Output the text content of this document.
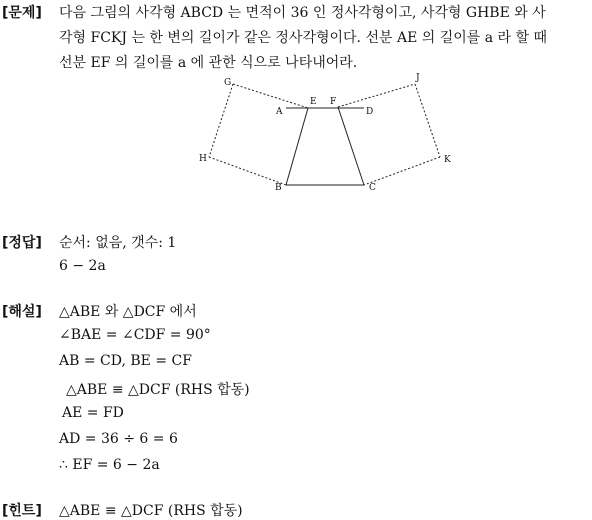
[문제] 다음 그림의 사각형 ABCD 는 면적이 36 인 정사각형이고, 사각형 GHBE 와 사
각형 FCKJ 는 한 변의 길이가 같은 정사각형이다. 선분 AE 의 길이를 a 라 할 때
선분 EF 의 길이를 a 에 관한 식으로 나타내어라.
G	J
A
E F
D
H	K
B	C
[정답] 순서: 없음, 갯수: 1
6 − 2a
[해설] △ABE 와 △DCF 에서
∠BAE = ∠CDF = 90°
AB = CD, BE = CF
△ABE ≡ △DCF (RHS 합동)
AE = FD
AD = 36 ÷ 6 = 6
∴ EF = 6 − 2a
[힌트] △ABE ≡ △DCF (RHS 합동)
